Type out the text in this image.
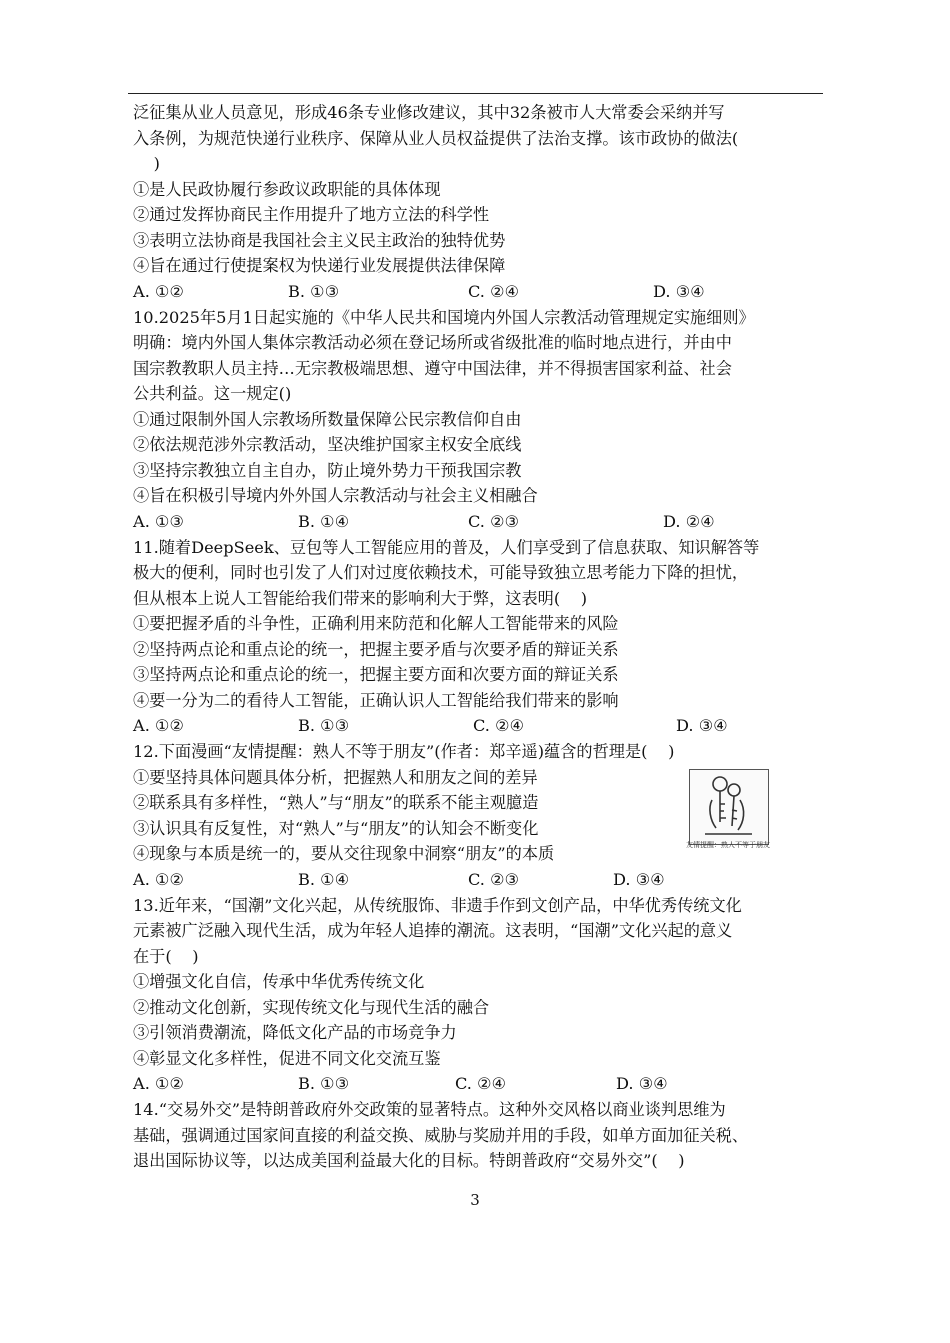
泛征集从业人员意见，形成46条专业修改建议，其中32条被市人大常委会采纳并写
入条例，为规范快递行业秩序、保障从业人员权益提供了法治支撑。该市政协的做法(
)
①是人民政协履行参政议政职能的具体体现
②通过发挥协商民主作用提升了地方立法的科学性
③表明立法协商是我国社会主义民主政治的独特优势
④旨在通过行使提案权为快递行业发展提供法律保障
A. ①②	B. ①③	C. ②④	D. ③④
10.2025年5月1日起实施的《中华人民共和国境内外国人宗教活动管理规定实施细则》
明确：境内外国人集体宗教活动必须在登记场所或省级批准的临时地点进行，并由中
国宗教教职人员主持…无宗教极端思想、遵守中国法律，并不得损害国家利益、社会
公共利益。这一规定()
①通过限制外国人宗教场所数量保障公民宗教信仰自由
②依法规范涉外宗教活动，坚决维护国家主权安全底线
③坚持宗教独立自主自办，防止境外势力干预我国宗教
④旨在积极引导境内外外国人宗教活动与社会主义相融合
A. ①③	B. ①④	C. ②③	D. ②④
11.随着DeepSeek、豆包等人工智能应用的普及，人们享受到了信息获取、知识解答等
极大的便利，同时也引发了人们对过度依赖技术，可能导致独立思考能力下降的担忧，
但从根本上说人工智能给我们带来的影响利大于弊，这表明(    )
①要把握矛盾的斗争性，正确利用来防范和化解人工智能带来的风险
②坚持两点论和重点论的统一，把握主要矛盾与次要矛盾的辩证关系
③坚持两点论和重点论的统一，把握主要方面和次要方面的辩证关系
④要一分为二的看待人工智能，正确认识人工智能给我们带来的影响
A. ①②	B. ①③	C. ②④	D. ③④
12.下面漫画“友情提醒：熟人不等于朋友”(作者：郑辛遥)蕴含的哲理是(    )
①要坚持具体问题具体分析，把握熟人和朋友之间的差异
②联系具有多样性，“熟人”与“朋友”的联系不能主观臆造
③认识具有反复性，对“熟人”与“朋友”的认知会不断变化
④现象与本质是统一的，要从交往现象中洞察“朋友”的本质
A. ①②	B. ①④	C. ②③	D. ③④
13.近年来，“国潮”文化兴起，从传统服饰、非遗手作到文创产品，中华优秀传统文化
元素被广泛融入现代生活，成为年轻人追捧的潮流。这表明，“国潮”文化兴起的意义
在于(    )
①增强文化自信，传承中华优秀传统文化
②推动文化创新，实现传统文化与现代生活的融合
③引领消费潮流，降低文化产品的市场竞争力
④彰显文化多样性，促进不同文化交流互鉴
A. ①②	B. ①③	C. ②④	D. ③④
14.“交易外交”是特朗普政府外交政策的显著特点。这种外交风格以商业谈判思维为
基础，强调通过国家间直接的利益交换、威胁与奖励并用的手段，如单方面加征关税、
退出国际协议等，以达成美国利益最大化的目标。特朗普政府“交易外交”(    )
友情提醒：熟人不等于朋友
3
